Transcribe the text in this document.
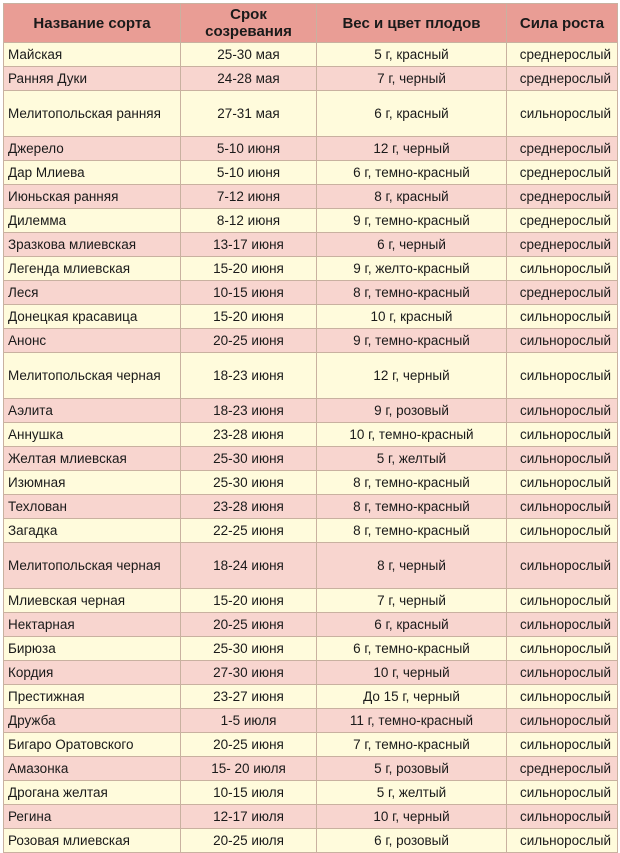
Название сорта	Срок созревания	Вес и цвет плодов	Сила роста
Майская	25-30 мая	5 г, красный	среднерослый
Ранняя Дуки	24-28 мая	7 г, черный	среднерослый
Мелитопольская ранняя	27-31 мая	6 г, красный	сильнорослый
Джерело	5-10 июня	12 г, черный	среднерослый
Дар Млиева	5-10 июня	6 г, темно-красный	среднерослый
Июньская ранняя	7-12 июня	8 г, красный	среднерослый
Дилемма	8-12 июня	9 г, темно-красный	среднерослый
Зразкова млиевская	13-17 июня	6 г, черный	среднерослый
Легенда млиевская	15-20 июня	9 г, желто-красный	сильнорослый
Леся	10-15 июня	8 г, темно-красный	среднерослый
Донецкая красавица	15-20 июня	10 г, красный	сильнорослый
Анонс	20-25 июня	9 г, темно-красный	сильнорослый
Мелитопольская черная	18-23 июня	12 г, черный	сильнорослый
Аэлита	18-23 июня	9 г, розовый	сильнорослый
Аннушка	23-28 июня	10 г, темно-красный	сильнорослый
Желтая млиевская	25-30 июня	5 г, желтый	сильнорослый
Изюмная	25-30 июня	8 г, темно-красный	сильнорослый
Техлован	23-28 июня	8 г, темно-красный	сильнорослый
Загадка	22-25 июня	8 г, темно-красный	сильнорослый
Мелитопольская черная	18-24 июня	8 г, черный	сильнорослый
Млиевская черная	15-20 июня	7 г, черный	сильнорослый
Нектарная	20-25 июня	6 г, красный	сильнорослый
Бирюза	25-30 июня	6 г, темно-красный	сильнорослый
Кордия	27-30 июня	10 г, черный	сильнорослый
Престижная	23-27 июня	До 15 г, черный	сильнорослый
Дружба	1-5 июля	11 г, темно-красный	сильнорослый
Бигаро Оратовского	20-25 июня	7 г, темно-красный	сильнорослый
Амазонка	15- 20 июля	5 г, розовый	среднерослый
Дрогана желтая	10-15 июля	5 г, желтый	сильнорослый
Регина	12-17 июля	10 г, черный	сильнорослый
Розовая млиевская	20-25 июля	6 г, розовый	сильнорослый
